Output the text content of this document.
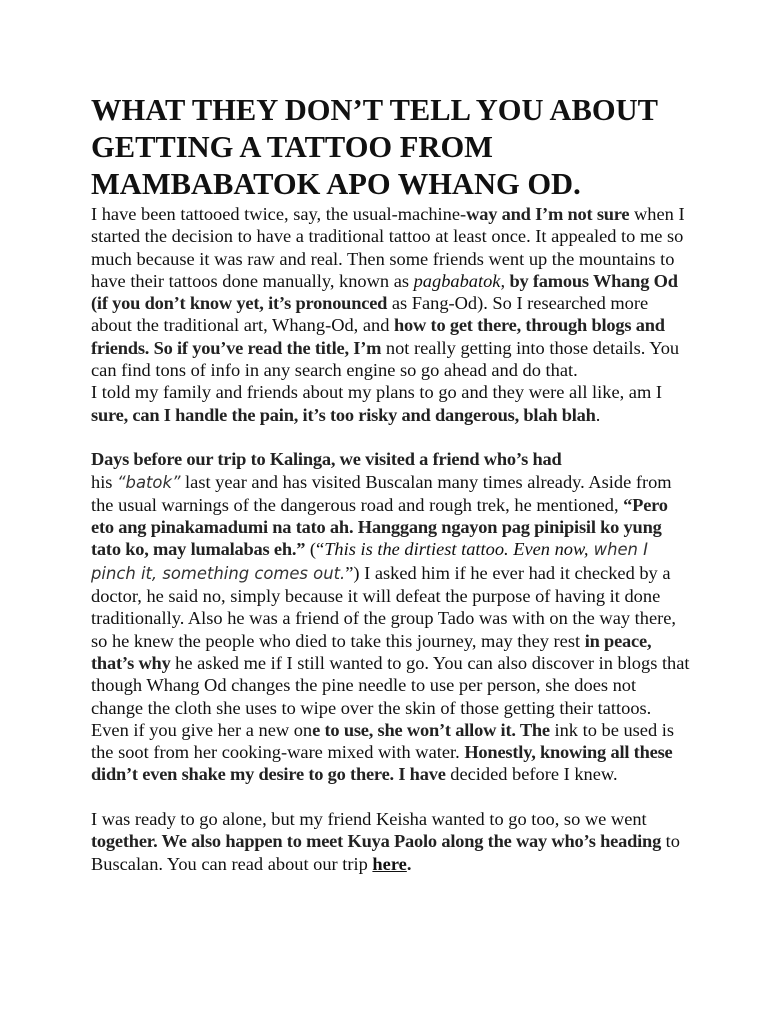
WHAT THEY DON’T TELL YOU ABOUT GETTING A TATTOO FROM MAMBABATOK APO WHANG OD.

I have been tattooed twice, say, the usual-machine-way and I’m not sure when I started the decision to have a traditional tattoo at least once. It appealed to me so much because it was raw and real. Then some friends went up the mountains to have their tattoos done manually, known as pagbabatok, by famous Whang Od (if you don’t know yet, it’s pronounced as Fang-Od). So I researched more about the traditional art, Whang-Od, and how to get there, through blogs and friends. So if you’ve read the title, I’m not really getting into those details. You can find tons of info in any search engine so go ahead and do that.

I told my family and friends about my plans to go and they were all like, am I sure, can I handle the pain, it’s too risky and dangerous, blah blah.

Days before our trip to Kalinga, we visited a friend who’s had
his “batok” last year and has visited Buscalan many times already. Aside from the usual warnings of the dangerous road and rough trek, he mentioned, “Pero eto ang pinakamadumi na tato ah. Hanggang ngayon pag pinipisil ko yung tato ko, may lumalabas eh.” (“This is the dirtiest tattoo. Even now, when I pinch it, something comes out.”) I asked him if he ever had it checked by a doctor, he said no, simply because it will defeat the purpose of having it done traditionally. Also he was a friend of the group Tado was with on the way there, so he knew the people who died to take this journey, may they rest in peace, that’s why he asked me if I still wanted to go. You can also discover in blogs that though Whang Od changes the pine needle to use per person, she does not change the cloth she uses to wipe over the skin of those getting their tattoos. Even if you give her a new one to use, she won’t allow it. The ink to be used is the soot from her cooking-ware mixed with water. Honestly, knowing all these didn’t even shake my desire to go there. I have decided before I knew.

I was ready to go alone, but my friend Keisha wanted to go too, so we went together. We also happen to meet Kuya Paolo along the way who’s heading to Buscalan. You can read about our trip here.
